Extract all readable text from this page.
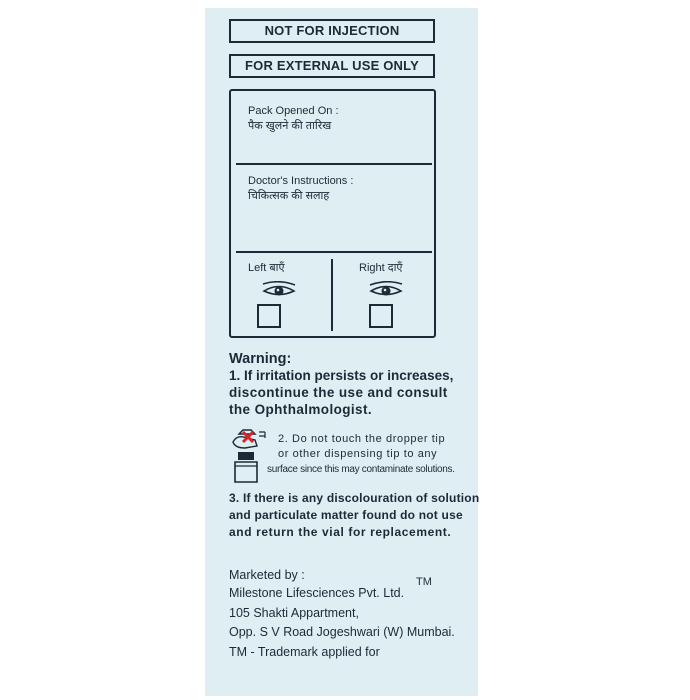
NOT FOR INJECTION
FOR EXTERNAL USE ONLY
Pack Opened On :
पैक खुलने की तारिख
Doctor's Instructions :
चिकित्सक की सलाह
Left बाएँ	Right दाएँ
Warning:
1. If irritation persists or increases,
discontinue the use and consult
the Ophthalmologist.
2. Do not touch the dropper tip
or other dispensing tip to any
surface since this may contaminate solutions.
3. If there is any discolouration of solution
and particulate matter found do not use
and return the vial for replacement.
Marketed by :
Milestone Lifesciences Pvt. Ltd.
TM
105 Shakti Appartment,
Opp. S V Road Jogeshwari (W) Mumbai.
TM - Trademark applied for
